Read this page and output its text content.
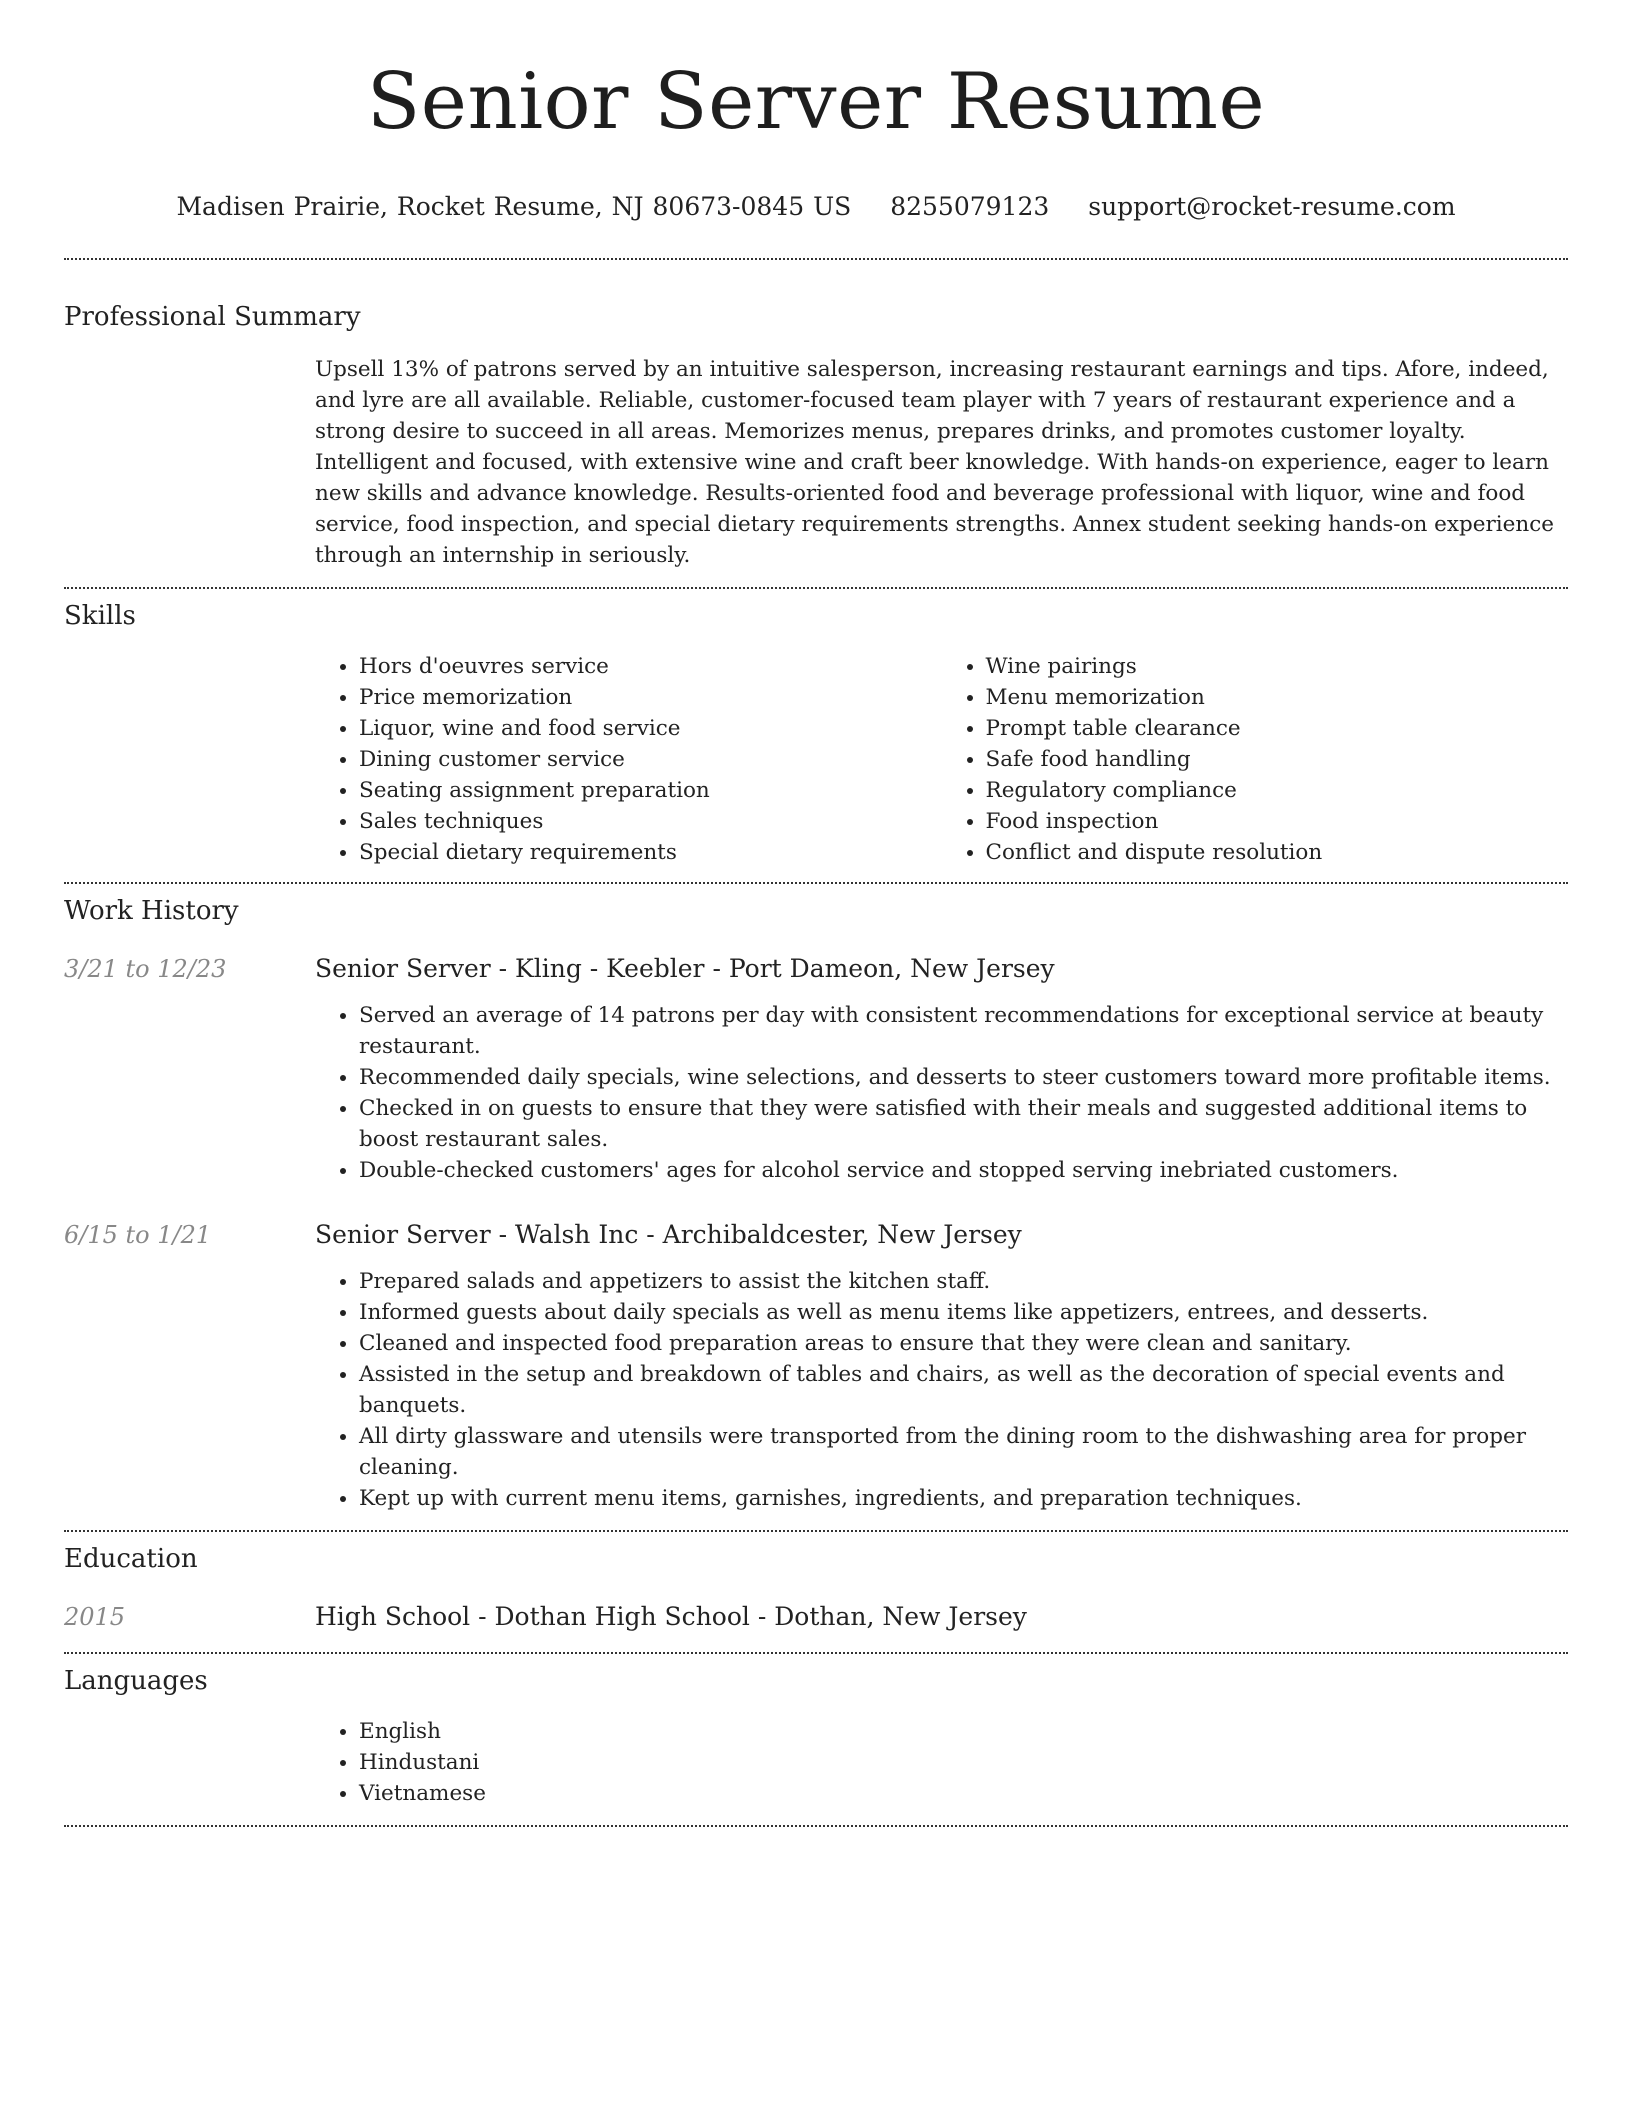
Senior Server Resume
Madisen Prairie, Rocket Resume, NJ 80673-0845 US 8255079123 support@rocket-resume.com
Professional Summary

Upsell 13% of patrons served by an intuitive salesperson, increasing restaurant earnings and tips. Afore, indeed, and lyre are all available. Reliable, customer-focused team player with 7 years of restaurant experience and a strong desire to succeed in all areas. Memorizes menus, prepares drinks, and promotes customer loyalty. Intelligent and focused, with extensive wine and craft beer knowledge. With hands-on experience, eager to learn new skills and advance knowledge. Results-oriented food and beverage professional with liquor, wine and food service, food inspection, and special dietary requirements strengths. Annex student seeking hands-on experience through an internship in seriously.

Skills
• Hors d'oeuvres service
• Price memorization
• Liquor, wine and food service
• Dining customer service
• Seating assignment preparation
• Sales techniques
• Special dietary requirements
• Wine pairings
• Menu memorization
• Prompt table clearance
• Safe food handling
• Regulatory compliance
• Food inspection
• Conflict and dispute resolution
Work History
3/21 to 12/23	Senior Server - Kling - Keebler - Port Dameon, New Jersey
• Served an average of 14 patrons per day with consistent recommendations for exceptional service at beauty restaurant.
• Recommended daily specials, wine selections, and desserts to steer customers toward more profitable items.
• Checked in on guests to ensure that they were satisfied with their meals and suggested additional items to boost restaurant sales.
• Double-checked customers' ages for alcohol service and stopped serving inebriated customers.
6/15 to 1/21	Senior Server - Walsh Inc - Archibaldcester, New Jersey
• Prepared salads and appetizers to assist the kitchen staff.
• Informed guests about daily specials as well as menu items like appetizers, entrees, and desserts.
• Cleaned and inspected food preparation areas to ensure that they were clean and sanitary.
• Assisted in the setup and breakdown of tables and chairs, as well as the decoration of special events and banquets.
• All dirty glassware and utensils were transported from the dining room to the dishwashing area for proper cleaning.
• Kept up with current menu items, garnishes, ingredients, and preparation techniques.
Education
2015	High School - Dothan High School - Dothan, New Jersey
Languages
• English
• Hindustani
• Vietnamese
